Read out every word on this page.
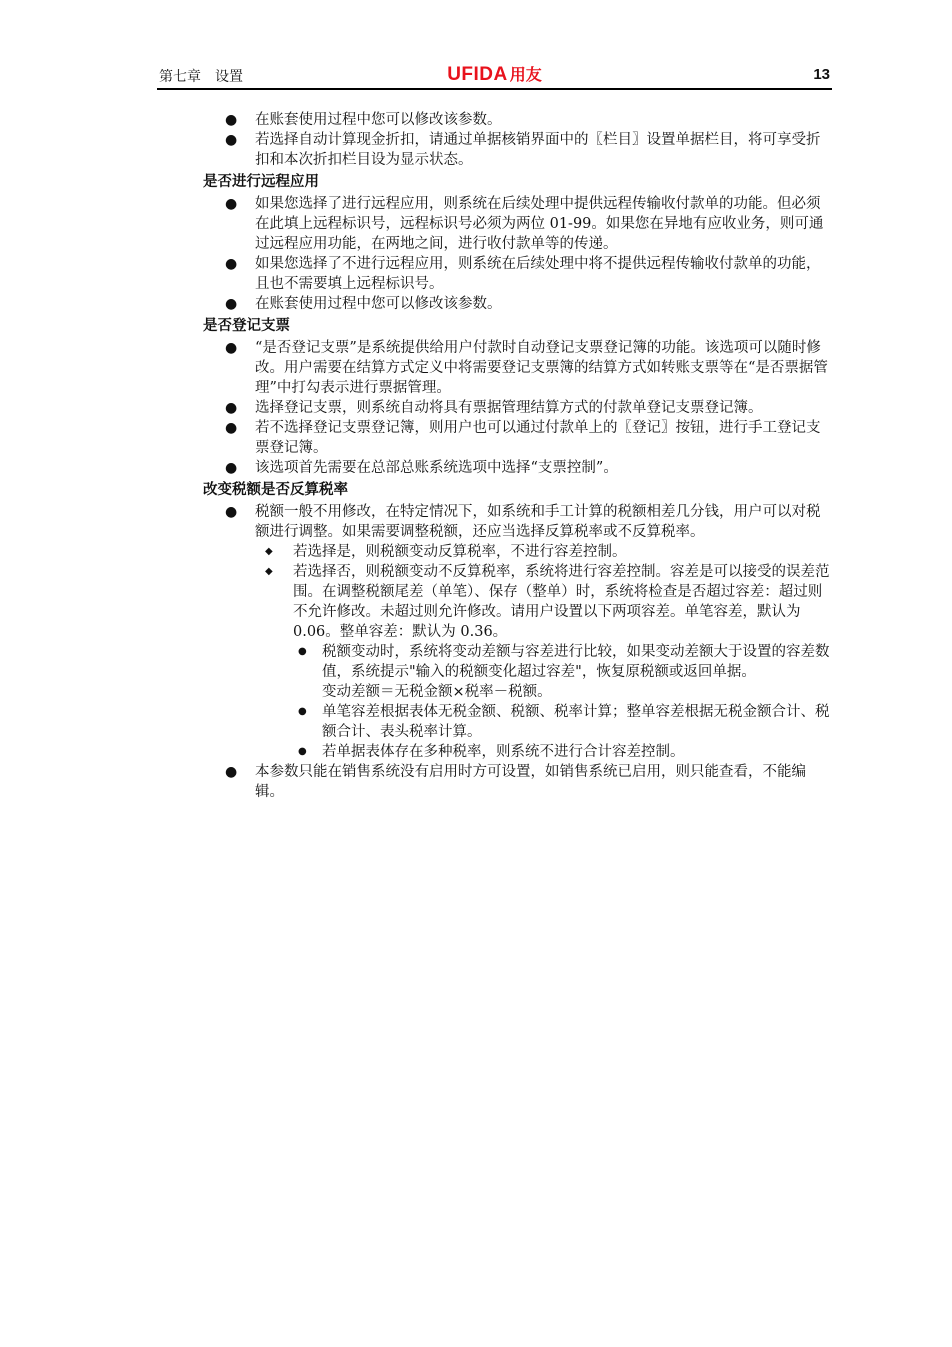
第七章　设置	UFIDA 用友	13
● 在账套使用过程中您可以修改该参数。
● 若选择自动计算现金折扣，请通过单据核销界面中的〖栏目〗设置单据栏目，将可享受折扣和本次折扣栏目设为显示状态。
是否进行远程应用
● 如果您选择了进行远程应用，则系统在后续处理中提供远程传输收付款单的功能。但必须在此填上远程标识号，远程标识号必须为两位 01-99。如果您在异地有应收业务，则可通过远程应用功能，在两地之间，进行收付款单等的传递。
● 如果您选择了不进行远程应用，则系统在后续处理中将不提供远程传输收付款单的功能，且也不需要填上远程标识号。
● 在账套使用过程中您可以修改该参数。
是否登记支票
● “是否登记支票”是系统提供给用户付款时自动登记支票登记簿的功能。该选项可以随时修改。用户需要在结算方式定义中将需要登记支票簿的结算方式如转账支票等在“是否票据管理”中打勾表示进行票据管理。
● 选择登记支票，则系统自动将具有票据管理结算方式的付款单登记支票登记簿。
● 若不选择登记支票登记簿，则用户也可以通过付款单上的〖登记〗按钮，进行手工登记支票登记簿。
● 该选项首先需要在总部总账系统选项中选择“支票控制”。
改变税额是否反算税率
● 税额一般不用修改，在特定情况下，如系统和手工计算的税额相差几分钱，用户可以对税额进行调整。如果需要调整税额，还应当选择反算税率或不反算税率。
◆ 若选择是，则税额变动反算税率，不进行容差控制。
◆ 若选择否，则税额变动不反算税率，系统将进行容差控制。容差是可以接受的误差范围。在调整税额尾差（单笔）、保存（整单）时，系统将检查是否超过容差：超过则不允许修改。未超过则允许修改。请用户设置以下两项容差。单笔容差，默认为 0.06。整单容差：默认为 0.36。
● 税额变动时，系统将变动差额与容差进行比较，如果变动差额大于设置的容差数值，系统提示"输入的税额变化超过容差"，恢复原税额或返回单据。
变动差额＝无税金额×税率－税额。
● 单笔容差根据表体无税金额、税额、税率计算；整单容差根据无税金额合计、税额合计、表头税率计算。
● 若单据表体存在多种税率，则系统不进行合计容差控制。
● 本参数只能在销售系统没有启用时方可设置，如销售系统已启用，则只能查看，不能编辑。
